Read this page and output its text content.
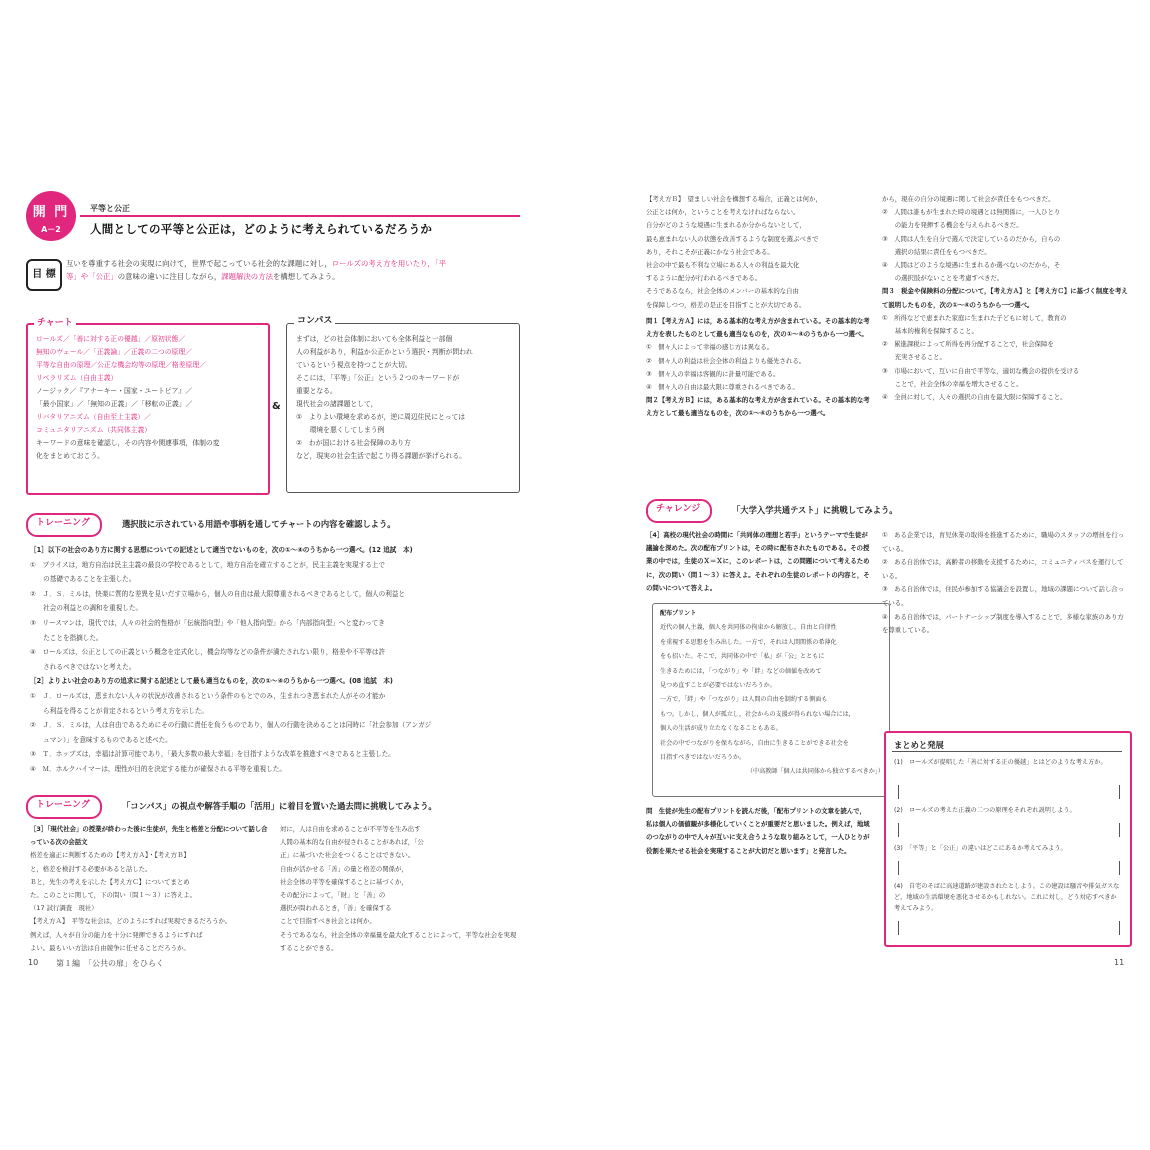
開 門
A－2
平等と公正
人間としての平等と公正は，どのように考えられているだろうか
目 標

互いを尊重する社会の実現に向けて，世界で起こっている社会的な課題に対し，ロールズの考え方を用いたり，「平

等」や「公正」の意味の違いに注目しながら，課題解決の方法を構想してみよう。

チャート

ロールズ／「善に対する正の優越」／原初状態／

無知のヴェール／「正義論」／正義の二つの原理／

平等な自由の原理／公正な機会均等の原理／格差原理／

リベラリズム（自由主義）

ノージック／『アナーキー・国家・ユートピア』／

「最小国家」／「無知の正義」／「移転の正義」／

リバタリアニズム（自由至上主義）／

コミュニタリアニズム（共同体主義）

キーワードの意味を確認し，その内容や関連事項，体制の変

化をまとめておこう。

&
コンパス

まずは，どの社会体制においても全体利益と一部個

人の利益があり，利益か公正かという選択・判断が問われ

ているという視点を持つことが大切。

そこには，「平等」「公正」という２つのキーワードが

重要となる。

現代社会の諸課題として，

①　よりよい環境を求めるが，逆に周辺住民にとっては

　　環境を悪くしてしまう例

②　わが国における社会保障のあり方

など，現実の社会生活で起こり得る課題が挙げられる。

トレーニング	選択肢に示されている用語や事柄を通してチャートの内容を確認しよう。

［1］以下の社会のあり方に関する思想についての記述として適当でないものを，次の①～④のうちから一つ選べ。(12 追試　本)

①　ブライスは，地方自治は民主主義の最良の学校であるとして，地方自治を確立することが，民主主義を実現する上で

　　の基礎であることを主張した。

②　Ｊ．Ｓ．ミルは，快楽に質的な差異を見いだす立場から，個人の自由は最大限尊重されるべきであるとして，個人の利益と

　　社会の利益との調和を重視した。

③　リースマンは，現代では，人々の社会的性格が「伝統指向型」や「他人指向型」から「内部指向型」へと変わってき

　　たことを指摘した。

④　ロールズは，公正としての正義という概念を定式化し，機会均等などの条件が満たされない限り，格差や不平等は許

　　されるべきではないと考えた。

［2］よりよい社会のあり方の追求に関する記述として最も適当なものを，次の①～④のうちから一つ選べ。(08 追試　本)

①　Ｊ．ロールズは，恵まれない人々の状況が改善されるという条件のもとでのみ，生まれつき恵まれた人がその才能か

　　ら利益を得ることが肯定されるという考え方を示した。

②　Ｊ．Ｓ．ミルは，人は自由であるためにその行動に責任を負うものであり，個人の行動を決めることは同時に「社会参加（アンガジ

　　ュマン）」を意味するものであると述べた。

③　Ｔ．ホッブズは，幸福は計算可能であり，「最大多数の最大幸福」を目指すような改革を推進すべきであると主張した。

④　Ｍ．ホルクハイマーは，理性が目的を決定する能力が確保される平等を重視した。

トレーニング	「コンパス」の視点や解答手順の「活用」に着目を置いた過去問に挑戦してみよう。

［3］「現代社会」の授業が終わった後に生徒が，先生と格差と分配について話し合っている次の会話文

格差を適正に判断するための【考え方Ａ】・【考え方Ｂ】

と，格差を検討する必要があると話した。

Ｂと，先生の考えを示した【考え方Ｃ】についてまとめ

た。このことに関して，下の問い（問１～３）に答えよ。

（17 試行調査　現社）

【考え方Ａ】　平等な社会は，どのようにすれば実現できるだろうか。

例えば，人々が自分の能力を十分に発揮できるようにすれば

よい。最もいい方法は自由競争に任せることだろうか。

対に，人は自由を求めることが不平等を生み出す

人間の基本的な自由が侵されることがあれば，「公

正」に基づいた社会をつくることはできない。

自由が活かせる「善」の量と格差の関係が，

社会全体の平等を確保することに基づくか，

その配分によって，「財」と「善」の

選択が問われるとき，「善」を確保する

ことで目指すべき社会とは何か。

そうであるなら，社会全体の幸福量を最大化することによって，平等な社会を実現することができる。

10 第１編　「公共の扉」をひらく

【考え方Ｂ】　望ましい社会を構想する場合，正義とは何か，

公正とは何か，ということを考えなければならない。

自分がどのような境遇に生まれるか分からないとして，

最も恵まれない人の状態を改善するような制度を選ぶべきで

あり，それこそが正義にかなう社会である。

社会の中で最も不利な立場にある人々の利益を最大化

するように配分が行われるべきである。

そうであるなら，社会全体のメンバーの基本的な自由

を保障しつつ，格差の是正を目指すことが大切である。

問１【考え方Ａ】には，ある基本的な考え方が含まれている。その基本的な考え方を表したものとして最も適当なものを，次の①～④のうちから一つ選べ。

①　個々人によって幸福の感じ方は異なる。

②　個々人の利益は社会全体の利益よりも優先される。

③　個々人の幸福は客観的に計量可能である。

④　個々人の自由は最大限に尊重されるべきである。

問２【考え方Ｂ】には，ある基本的な考え方が含まれている。その基本的な考え方として最も適当なものを，次の①～④のうちから一つ選べ。

から，現在の自分の境遇に関して社会が責任をもつべきだ。

②　人間は誰もが生まれた時の境遇とは無関係に，一人ひとり

　　の能力を発揮する機会を与えられるべきだ。

③　人間は人生を自分で選んで決定しているのだから，自らの

　　選択の結果に責任をもつべきだ。

④　人間はどのような境遇に生まれるか選べないのだから，そ

　　の選択肢がないことを考慮すべきだ。

問３　税金や保険料の分配について，【考え方Ａ】と【考え方Ｃ】に基づく制度を考えて説明したものを，次の①～④のうちから一つ選べ。

①　所得などで恵まれた家庭に生まれた子どもに対して，教育の

　　基本的権利を保障すること。

②　累進課税によって所得を再分配することで，社会保障を

　　充実させること。

③　市場において，互いに自由で平等な，適切な機会の提供を受ける

　　ことで，社会全体の幸福を増大させること。

④　全員に対して，人々の選択の自由を最大限に保障すること。

チャレンジ	「大学入学共通テスト」に挑戦してみよう。

［4］高校の現代社会の時間に「共同体の理想と若手」というテーマで生徒が議論を深めた。次の配布プリントは，その時に配布されたものである。その授業の中では，生徒のＸ＝Ｘに，このレポートは，この問題について考えるために，次の問い（問１～３）に答えよ。それぞれの生徒のレポートの内容と，その問いについて答えよ。

配布プリント

近代の個人主義，個人を共同体の拘束から解放し，自由と自律性

を重視する思想を生み出した。一方で，それは人間関係の希薄化

をも招いた。そこで，共同体の中で「私」が「公」とともに

生きるためには，「つながり」や「絆」などの価値を改めて

見つめ直すことが必要ではないだろうか。

一方で，「絆」や「つながり」は人間の自由を制約する側面も

もつ。しかし，個人が孤立し，社会からの支援が得られない場合には，

個人の生活が成り立たなくなることもある。

社会の中でつながりを保ちながら，自由に生きることができる社会を

目指すべきではないだろうか。

（中高教師「個人は共同体から独立するべきか」）

問　生徒が先生の配布プリントを読んだ後，「配布プリントの文章を読んで，私は個人の価値観が多様化していくことが重要だと思いました。例えば，地域のつながりの中で人々が互いに支え合うような取り組みとして，一人ひとりが役割を果たせる社会を実現することが大切だと思います」と発言した。

①　ある企業では，育児休業の取得を推進するために，職場のスタッフの増員を行っている。

②　ある自治体では，高齢者の移動を支援するために，コミュニティバスを運行している。

③　ある自治体では，住民が参加する協議会を設置し，地域の課題について話し合っている。

④　ある自治体では，パートナーシップ制度を導入することで，多様な家族のあり方を尊重している。

まとめと発展
(1)　ロールズが提唱した「善に対する正の優越」とはどのような考え方か。
(2)　ロールズの考えた正義の二つの原理をそれぞれ説明しよう。
(3)　「平等」と「公正」の違いはどこにあるか考えてみよう。
(4)　自宅のそばに高速道路が建設されたとしよう。この建設は騒音や排気ガスなど，地域の生活環境を悪化させるかもしれない。これに対し，どう対応すべきか考えてみよう。
11
